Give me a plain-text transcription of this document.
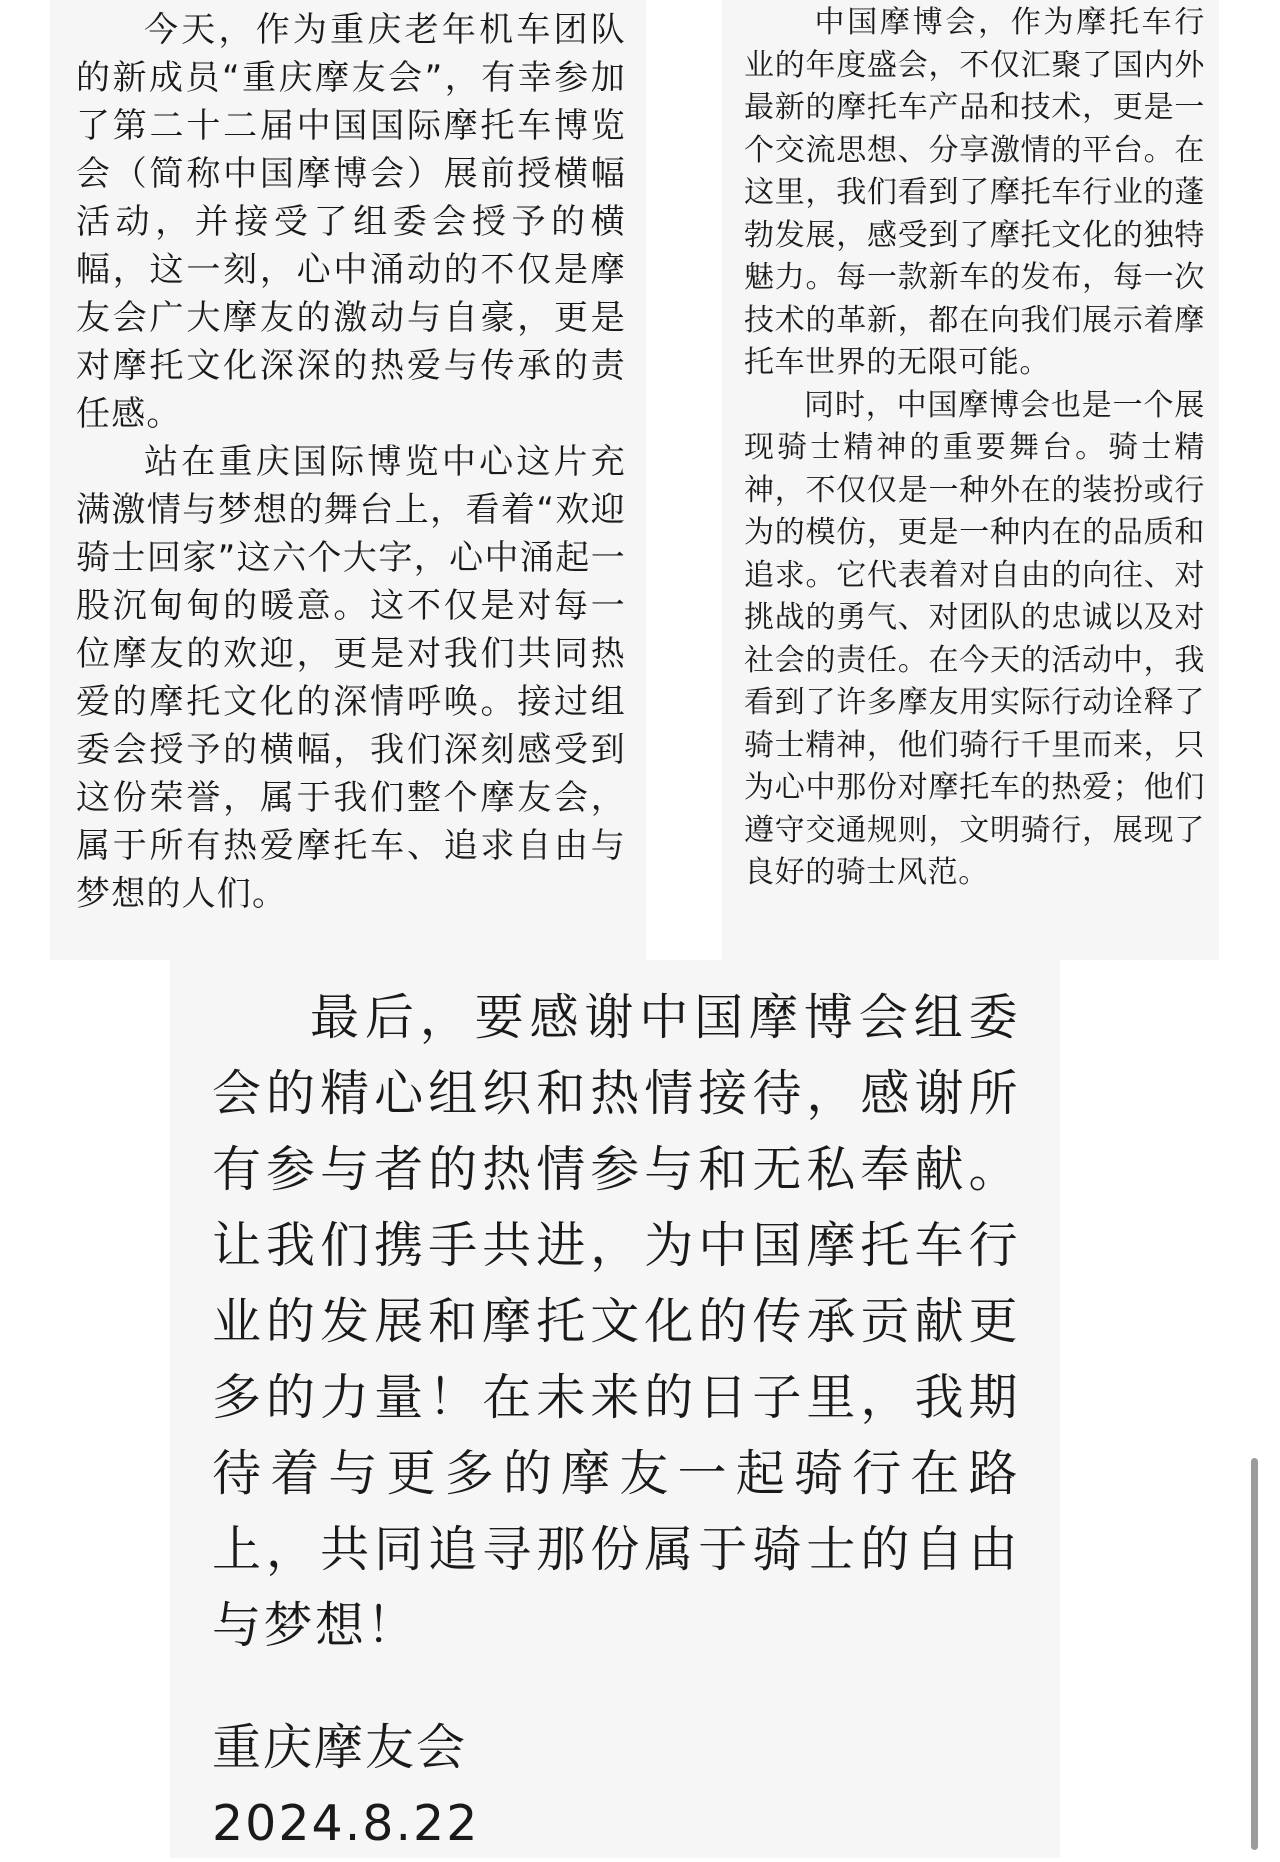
今天，作为重庆老年机车团队的新成员“重庆摩友会”，有幸参加了第二十二届中国国际摩托车博览会（简称中国摩博会）展前授横幅活动，并接受了组委会授予的横幅，这一刻，心中涌动的不仅是摩友会广大摩友的激动与自豪，更是对摩托文化深深的热爱与传承的责任感。

站在重庆国际博览中心这片充满激情与梦想的舞台上，看着“欢迎骑士回家”这六个大字，心中涌起一股沉甸甸的暖意。这不仅是对每一位摩友的欢迎，更是对我们共同热爱的摩托文化的深情呼唤。接过组委会授予的横幅，我们深刻感受到这份荣誉，属于我们整个摩友会，属于所有热爱摩托车、追求自由与梦想的人们。

中国摩博会，作为摩托车行业的年度盛会，不仅汇聚了国内外最新的摩托车产品和技术，更是一个交流思想、分享激情的平台。在这里，我们看到了摩托车行业的蓬勃发展，感受到了摩托文化的独特魅力。每一款新车的发布，每一次技术的革新，都在向我们展示着摩托车世界的无限可能。

同时，中国摩博会也是一个展现骑士精神的重要舞台。骑士精神，不仅仅是一种外在的装扮或行为的模仿，更是一种内在的品质和追求。它代表着对自由的向往、对挑战的勇气、对团队的忠诚以及对社会的责任。在今天的活动中，我看到了许多摩友用实际行动诠释了骑士精神，他们骑行千里而来，只为心中那份对摩托车的热爱；他们遵守交通规则，文明骑行，展现了良好的骑士风范。

最后，要感谢中国摩博会组委会的精心组织和热情接待，感谢所有参与者的热情参与和无私奉献。让我们携手共进，为中国摩托车行业的发展和摩托文化的传承贡献更多的力量！在未来的日子里，我期待着与更多的摩友一起骑行在路上，共同追寻那份属于骑士的自由与梦想！

重庆摩友会
2024.8.22
